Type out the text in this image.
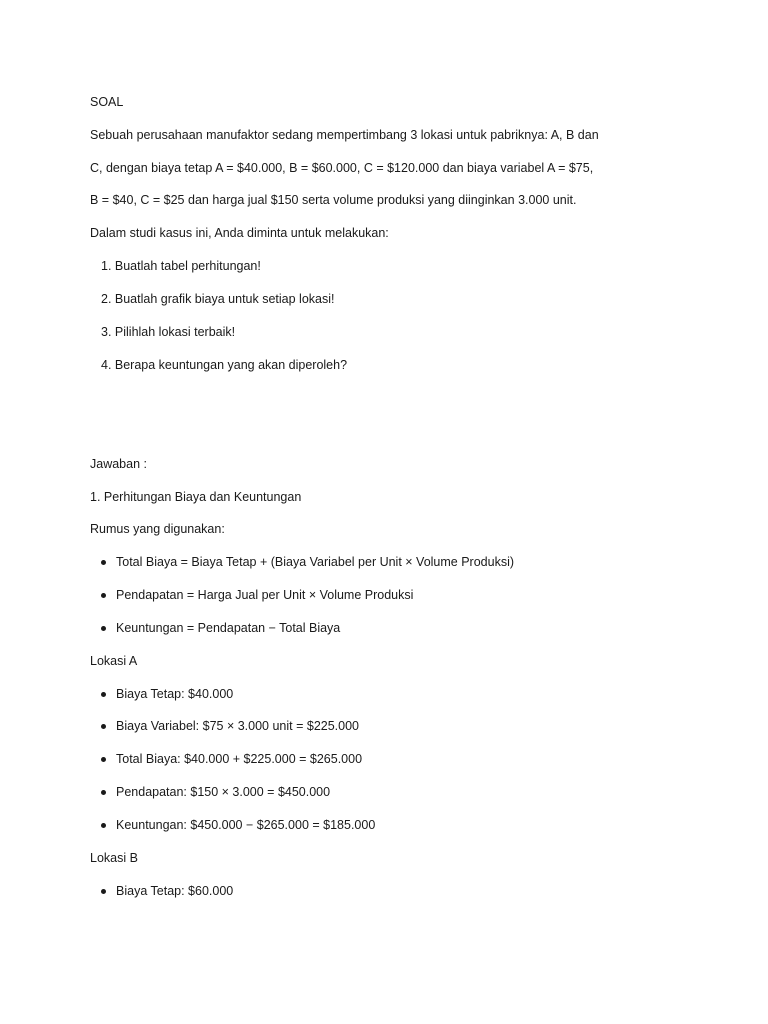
SOAL
Sebuah perusahaan manufaktor sedang mempertimbang 3 lokasi untuk pabriknya: A, B dan
C, dengan biaya tetap A = $40.000, B = $60.000, C = $120.000 dan biaya variabel A = $75,
B = $40, C = $25 dan harga jual $150 serta volume produksi yang diinginkan 3.000 unit.
Dalam studi kasus ini, Anda diminta untuk melakukan:
1. Buatlah tabel perhitungan!
2. Buatlah grafik biaya untuk setiap lokasi!
3. Pilihlah lokasi terbaik!
4. Berapa keuntungan yang akan diperoleh?
Jawaban :
1. Perhitungan Biaya dan Keuntungan
Rumus yang digunakan:
Total Biaya = Biaya Tetap + (Biaya Variabel per Unit × Volume Produksi)
Pendapatan = Harga Jual per Unit × Volume Produksi
Keuntungan = Pendapatan − Total Biaya
Lokasi A
Biaya Tetap: $40.000
Biaya Variabel: $75 × 3.000 unit = $225.000
Total Biaya: $40.000 + $225.000 = $265.000
Pendapatan: $150 × 3.000 = $450.000
Keuntungan: $450.000 − $265.000 = $185.000
Lokasi B
Biaya Tetap: $60.000
